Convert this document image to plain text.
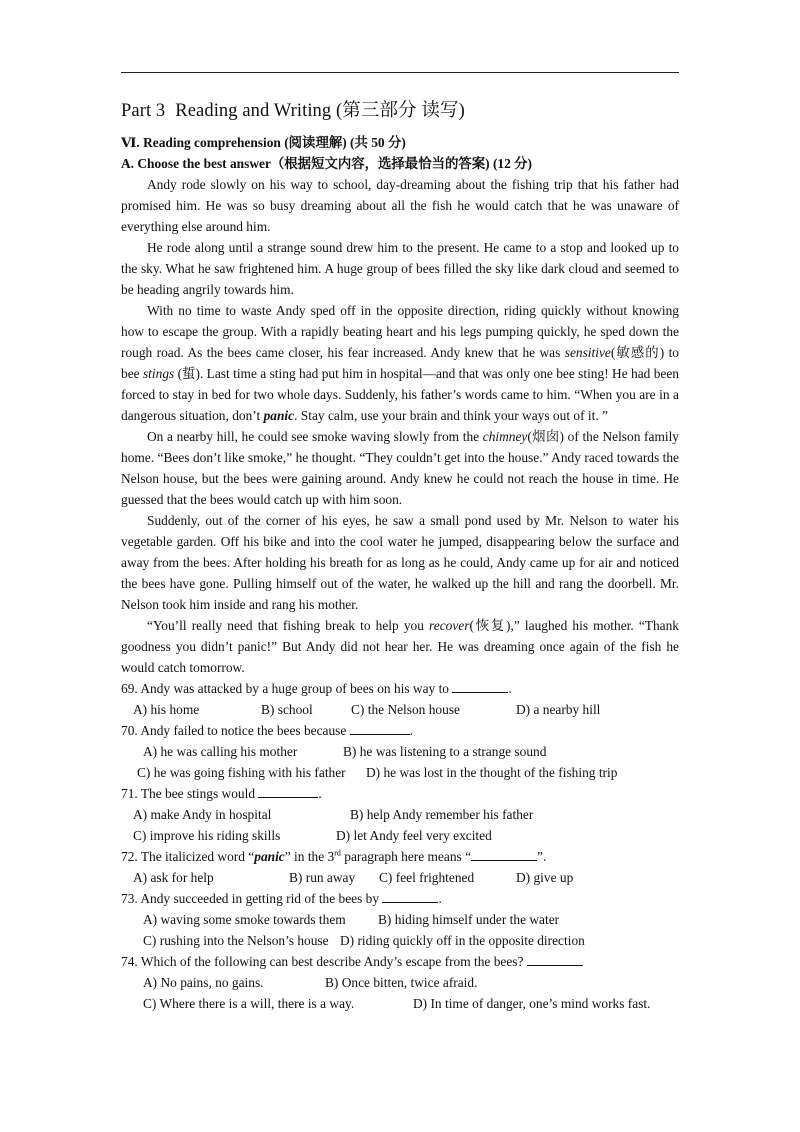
Part 3 Reading and Writing (第三部分 读写)
Ⅵ. Reading comprehension (阅读理解) (共 50 分)
A. Choose the best answer（根据短文内容，选择最恰当的答案) (12 分)

Andy rode slowly on his way to school, day-dreaming about the fishing trip that his father had promised him. He was so busy dreaming about all the fish he would catch that he was unaware of everything else around him.

He rode along until a strange sound drew him to the present. He came to a stop and looked up to the sky. What he saw frightened him. A huge group of bees filled the sky like dark cloud and seemed to be heading angrily towards him.

With no time to waste Andy sped off in the opposite direction, riding quickly without knowing how to escape the group. With a rapidly beating heart and his legs pumping quickly, he sped down the rough road. As the bees came closer, his fear increased. Andy knew that he was sensitive(敏感的) to bee stings (蜇). Last time a sting had put him in hospital—and that was only one bee sting! He had been forced to stay in bed for two whole days. Suddenly, his father’s words came to him. “When you are in a dangerous situation, don’t panic. Stay calm, use your brain and think your ways out of it. ”

On a nearby hill, he could see smoke waving slowly from the chimney(烟囱) of the Nelson family home. “Bees don’t like smoke,” he thought. “They couldn’t get into the house.” Andy raced towards the Nelson house, but the bees were gaining around. Andy knew he could not reach the house in time. He guessed that the bees would catch up with him soon.

Suddenly, out of the corner of his eyes, he saw a small pond used by Mr. Nelson to water his vegetable garden. Off his bike and into the cool water he jumped, disappearing below the surface and away from the bees. After holding his breath for as long as he could, Andy came up for air and noticed the bees have gone. Pulling himself out of the water, he walked up the hill and rang the doorbell. Mr. Nelson took him inside and rang his mother.

“You’ll really need that fishing break to help you recover(恢复),” laughed his mother. “Thank goodness you didn’t panic!” But Andy did not hear her. He was dreaming once again of the fish he would catch tomorrow.

69. Andy was attacked by a huge group of bees on his way to	.

A) his home	B) school	C) the Nelson house	D) a nearby hill

70. Andy failed to notice the bees because	.

A) he was calling his mother	B) he was listening to a strange sound

C) he was going fishing with his father D) he was lost in the thought of the fishing trip

71. The bee stings would	.

A) make Andy in hospital	B) help Andy remember his father

C) improve his riding skills	D) let Andy feel very excited

72. The italicized word “panic” in the 3rd paragraph here means “	”.

A) ask for help	B) run away C) feel frightened	D) give up

73. Andy succeeded in getting rid of the bees by	.

A) waving some smoke towards them B) hiding himself under the water

C) rushing into the Nelson’s house D) riding quickly off in the opposite direction

74. Which of the following can best describe Andy’s escape from the bees?

A) No pains, no gains.	B) Once bitten, twice afraid.

C) Where there is a will, there is a way.	D) In time of danger, one’s mind works fast.
